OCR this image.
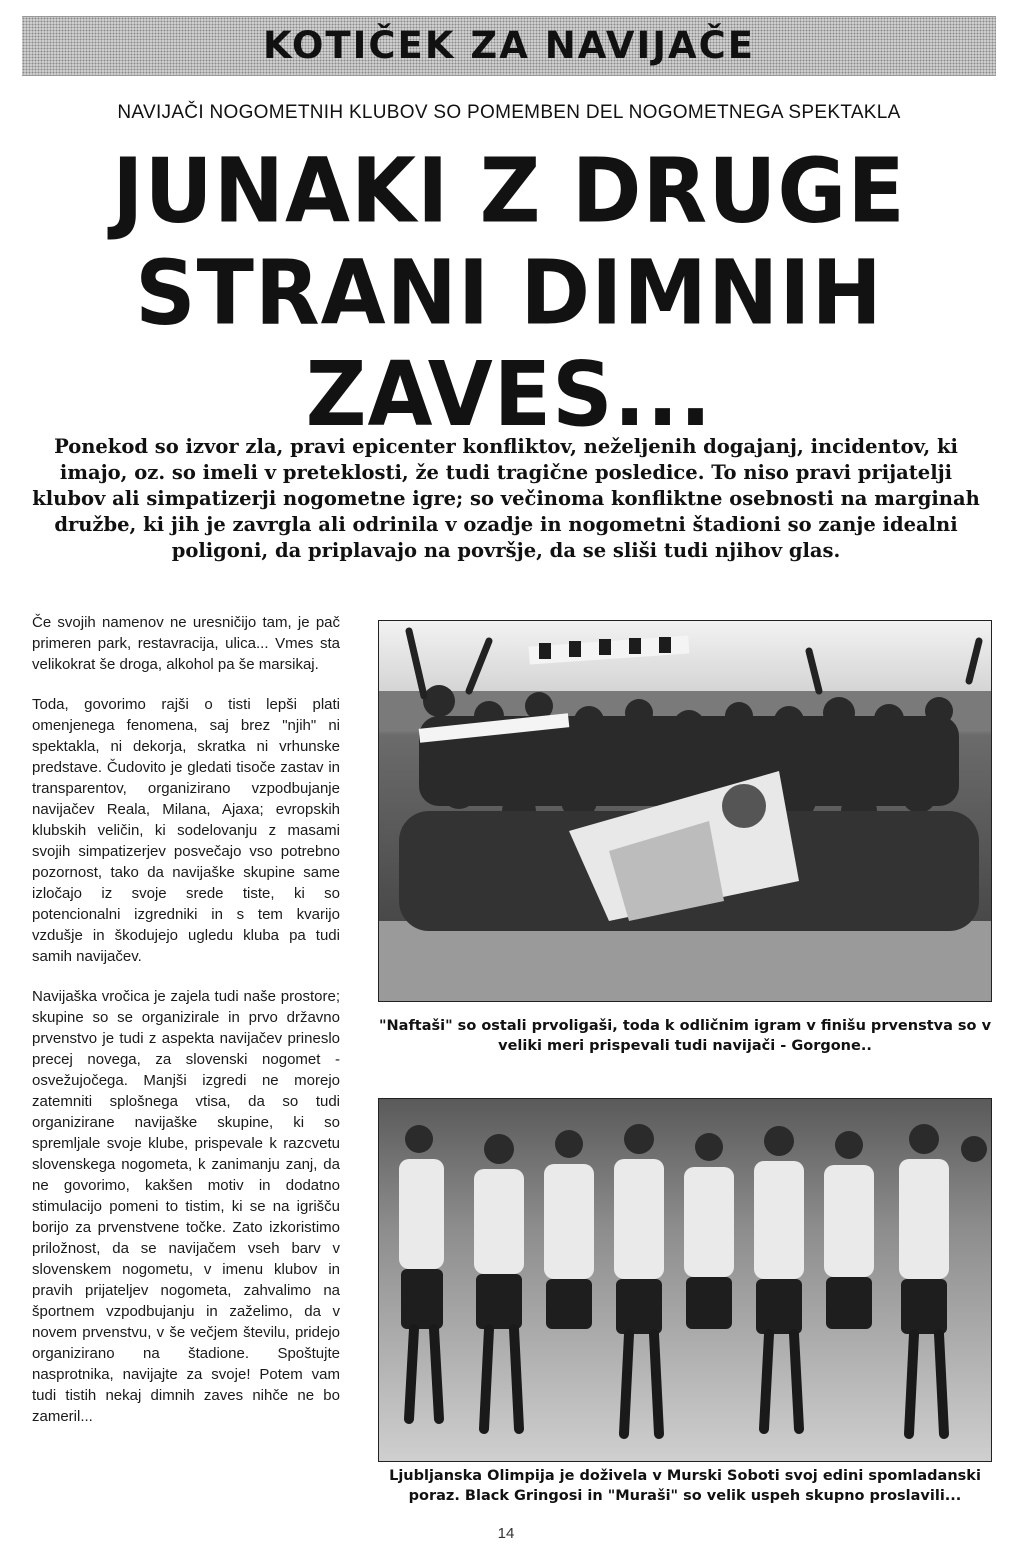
KOTIČEK ZA NAVIJAČE
NAVIJAČI NOGOMETNIH KLUBOV SO POMEMBEN DEL NOGOMETNEGA SPEKTAKLA
JUNAKI Z DRUGE
STRANI DIMNIH
ZAVES...

Ponekod so izvor zla, pravi epicenter konfliktov, neželjenih dogajanj, incidentov, ki imajo, oz. so imeli v preteklosti, že tudi tragične posledice. To niso pravi prijatelji klubov ali simpatizerji nogometne igre; so večinoma konfliktne osebnosti na marginah družbe, ki jih je zavrgla ali odrinila v ozadje in nogometni štadioni so zanje idealni poligoni, da priplavajo na površje, da se sliši tudi njihov glas.

Če svojih namenov ne uresničijo tam, je pač primeren park, restavracija, ulica... Vmes sta velikokrat še droga, alkohol pa še marsikaj.

Toda, govorimo rajši o tisti lepši plati omenjenega fenomena, saj brez "njih" ni spektakla, ni dekorja, skratka ni vrhunske predstave. Čudovito je gledati tisoče zastav in transparentov, organizirano vzpodbujanje navijačev Reala, Milana, Ajaxa; evropskih klubskih veličin, ki sodelovanju z masami svojih simpatizerjev posvečajo vso potrebno pozornost, tako da navijaške skupine same izločajo iz svoje srede tiste, ki so potencionalni izgredniki in s tem kvarijo vzdušje in škodujejo ugledu kluba pa tudi samih navijačev.

Navijaška vročica je zajela tudi naše prostore; skupine so se organizirale in prvo državno prvenstvo je tudi z aspekta navijačev prineslo precej novega, za slovenski nogomet - osvežujočega. Manjši izgredi ne morejo zatemniti splošnega vtisa, da so tudi organizirane navijaške skupine, ki so spremljale svoje klube, prispevale k razcvetu slovenskega nogometa, k zanimanju zanj, da ne govorimo, kakšen motiv in dodatno stimulacijo pomeni to tistim, ki se na igrišču borijo za prvenstvene točke. Zato izkoristimo priložnost, da se navijačem vseh barv v slovenskem nogometu, v imenu klubov in pravih prijateljev nogometa, zahvalimo na športnem vzpodbujanju in zaželimo, da v novem prvenstvu, v še večjem številu, pridejo organizirano na štadione. Spoštujte nasprotnika, navijajte za svoje! Potem vam tudi tistih nekaj dimnih zaves nihče ne bo zameril...

"Naftaši" so ostali prvoligaši, toda k odličnim igram v finišu prvenstva so v veliki meri prispevali tudi navijači - Gorgone..

Ljubljanska Olimpija je doživela v Murski Soboti svoj edini spomladanski poraz. Black Gringosi in "Muraši" so velik uspeh skupno proslavili...

14
